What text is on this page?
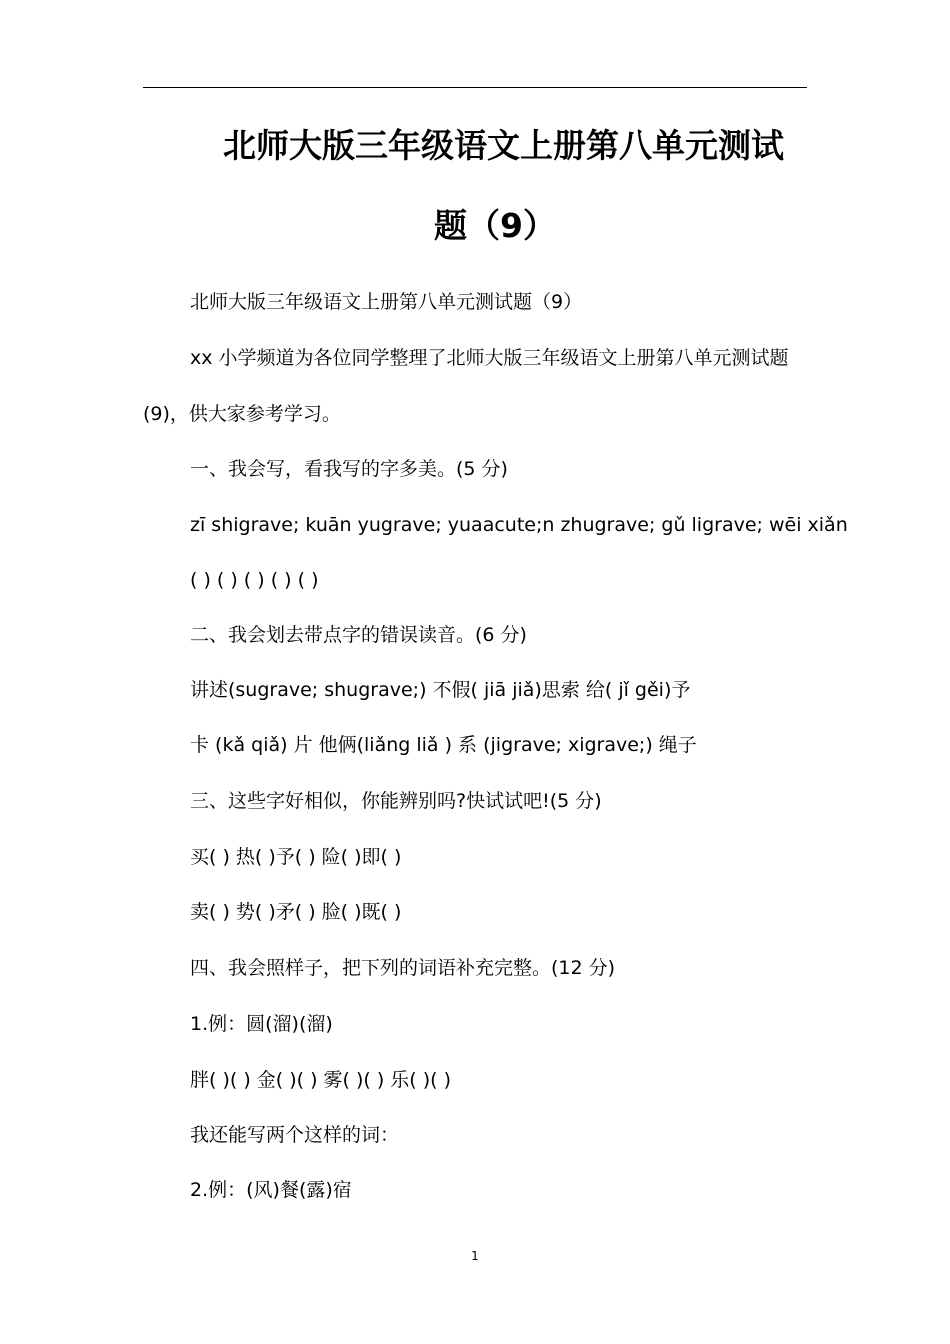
北师大版三年级语文上册第八单元测试
题（9）

北师大版三年级语文上册第八单元测试题（9）

xx 小学频道为各位同学整理了北师大版三年级语文上册第八单元测试题(9)，供大家参考学习。

一、我会写，看我写的字多美。(5 分)

zī shigrave; kuān yugrave; yuaacute;n zhugrave; gǔ ligrave; wēi xiǎn

( ) ( ) ( ) ( ) ( )

二、我会划去带点字的错误读音。(6 分)

讲述(sugrave; shugrave;) 不假( jiā jiǎ)思索 给( jǐ gěi)予

卡 (kǎ qiǎ) 片 他俩(liǎng liǎ ) 系 (jigrave; xigrave;) 绳子

三、这些字好相似，你能辨别吗?快试试吧!(5 分)

买( ) 热( )予( ) 险( )即( )

卖( ) 势( )矛( ) 脸( )既( )

四、我会照样子，把下列的词语补充完整。(12 分)

1.例：圆(溜)(溜)

胖( )( ) 金( )( ) 雾( )( ) 乐( )( )

我还能写两个这样的词：

2.例：(风)餐(露)宿

1
